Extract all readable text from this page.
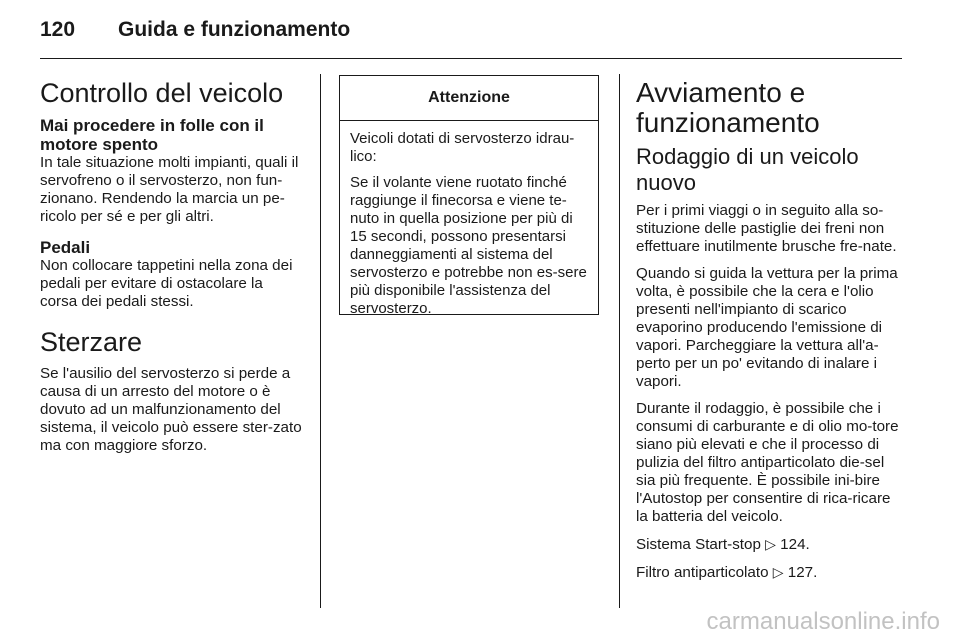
120 Guida e funzionamento
Controllo del veicolo
Mai procedere in folle con il motore spento

In tale situazione molti impianti, quali il servofreno o il servosterzo, non fun-zionano. Rendendo la marcia un pe-ricolo per sé e per gli altri.

Pedali

Non collocare tappetini nella zona dei pedali per evitare di ostacolare la corsa dei pedali stessi.

Sterzare

Se l'ausilio del servosterzo si perde a causa di un arresto del motore o è dovuto ad un malfunzionamento del sistema, il veicolo può essere ster-zato ma con maggiore sforzo.

Attenzione

Veicoli dotati di servosterzo idrau-lico:

Se il volante viene ruotato finché raggiunge il finecorsa e viene te-nuto in quella posizione per più di 15 secondi, possono presentarsi danneggiamenti al sistema del servosterzo e potrebbe non es-sere più disponibile l'assistenza del servosterzo.

Avviamento e funzionamento
Rodaggio di un veicolo nuovo

Per i primi viaggi o in seguito alla so-stituzione delle pastiglie dei freni non effettuare inutilmente brusche fre-nate.

Quando si guida la vettura per la prima volta, è possibile che la cera e l'olio presenti nell'impianto di scarico evaporino producendo l'emissione di vapori. Parcheggiare la vettura all'a-perto per un po' evitando di inalare i vapori.

Durante il rodaggio, è possibile che i consumi di carburante e di olio mo-tore siano più elevati e che il processo di pulizia del filtro antiparticolato die-sel sia più frequente. È possibile ini-bire l'Autostop per consentire di rica-ricare la batteria del veicolo.

Sistema Start-stop ▷ 124.

Filtro antiparticolato ▷ 127.

carmanualsonline.info
